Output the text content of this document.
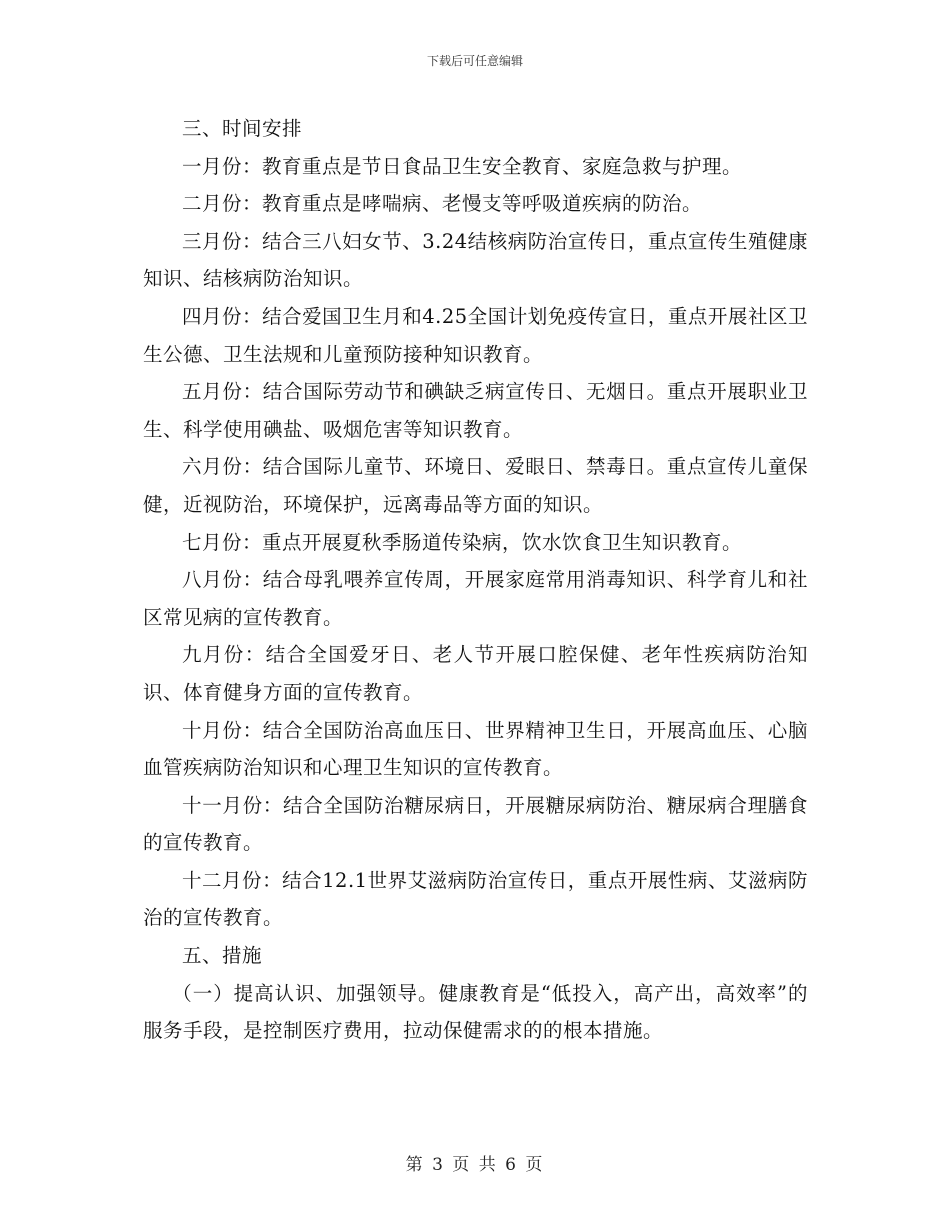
下载后可任意编辑

三、时间安排

一月份：教育重点是节日食品卫生安全教育、家庭急救与护理。

二月份：教育重点是哮喘病、老慢支等呼吸道疾病的防治。

三月份：结合三八妇女节、3.24结核病防治宣传日，重点宣传生殖健康知识、结核病防治知识。

四月份：结合爱国卫生月和4.25全国计划免疫传宣日，重点开展社区卫生公德、卫生法规和儿童预防接种知识教育。

五月份：结合国际劳动节和碘缺乏病宣传日、无烟日。重点开展职业卫生、科学使用碘盐、吸烟危害等知识教育。

六月份：结合国际儿童节、环境日、爱眼日、禁毒日。重点宣传儿童保健，近视防治，环境保护，远离毒品等方面的知识。

七月份：重点开展夏秋季肠道传染病，饮水饮食卫生知识教育。

八月份：结合母乳喂养宣传周，开展家庭常用消毒知识、科学育儿和社区常见病的宣传教育。

九月份：结合全国爱牙日、老人节开展口腔保健、老年性疾病防治知识、体育健身方面的宣传教育。

十月份：结合全国防治高血压日、世界精神卫生日，开展高血压、心脑血管疾病防治知识和心理卫生知识的宣传教育。

十一月份：结合全国防治糖尿病日，开展糖尿病防治、糖尿病合理膳食的宣传教育。

十二月份：结合12.1世界艾滋病防治宣传日，重点开展性病、艾滋病防治的宣传教育。

五、措施

（一）提高认识、加强领导。健康教育是“低投入，高产出，高效率”的服务手段，是控制医疗费用，拉动保健需求的的根本措施。

第 3 页 共 6 页
